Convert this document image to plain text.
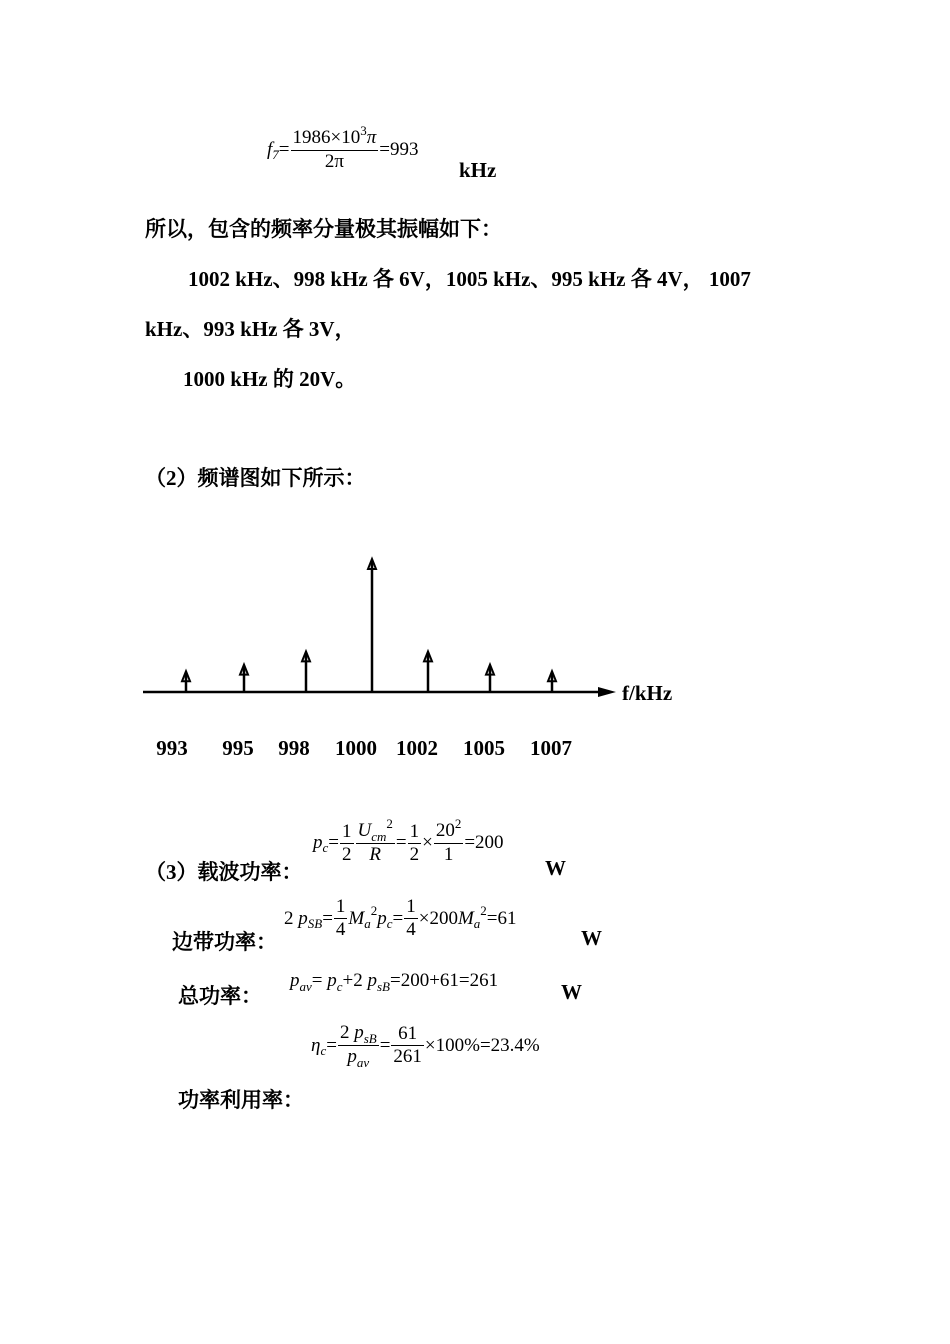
f $7 = \frac{1986\times 10^3\pi}{2\pi} =993$
kHz
所以，包含的频率分量极其振幅如下：
1002 kHz、998 kHz 各 6V，1005 kHz、995 kHz 各 4V， 1007
kHz、993 kHz 各 3V，
1000 kHz 的 20V。
（2）频谱图如下所示：
f/kHz
993 995 998 1000 1002 1005 1007
（3）载波功率：
p $c = \frac{1}{2} \frac{U_{cm}^2}{R} = \frac{1}{2} \times \frac{20^2}{1} =200$
W
边带功率：
2
p SB = $\frac{1}{4}$ M a
2 p $c = \frac{1}{4} \times 200$ M a
2 =61
W
总功率：
$p_{av}= p_c+2$ $p_{sB}=200+61=261$	W
η $c = \frac{2 p_{sB}}{p_{av}} = \frac{61}{261} \times 100\%=23.4\%$
功率利用率：
